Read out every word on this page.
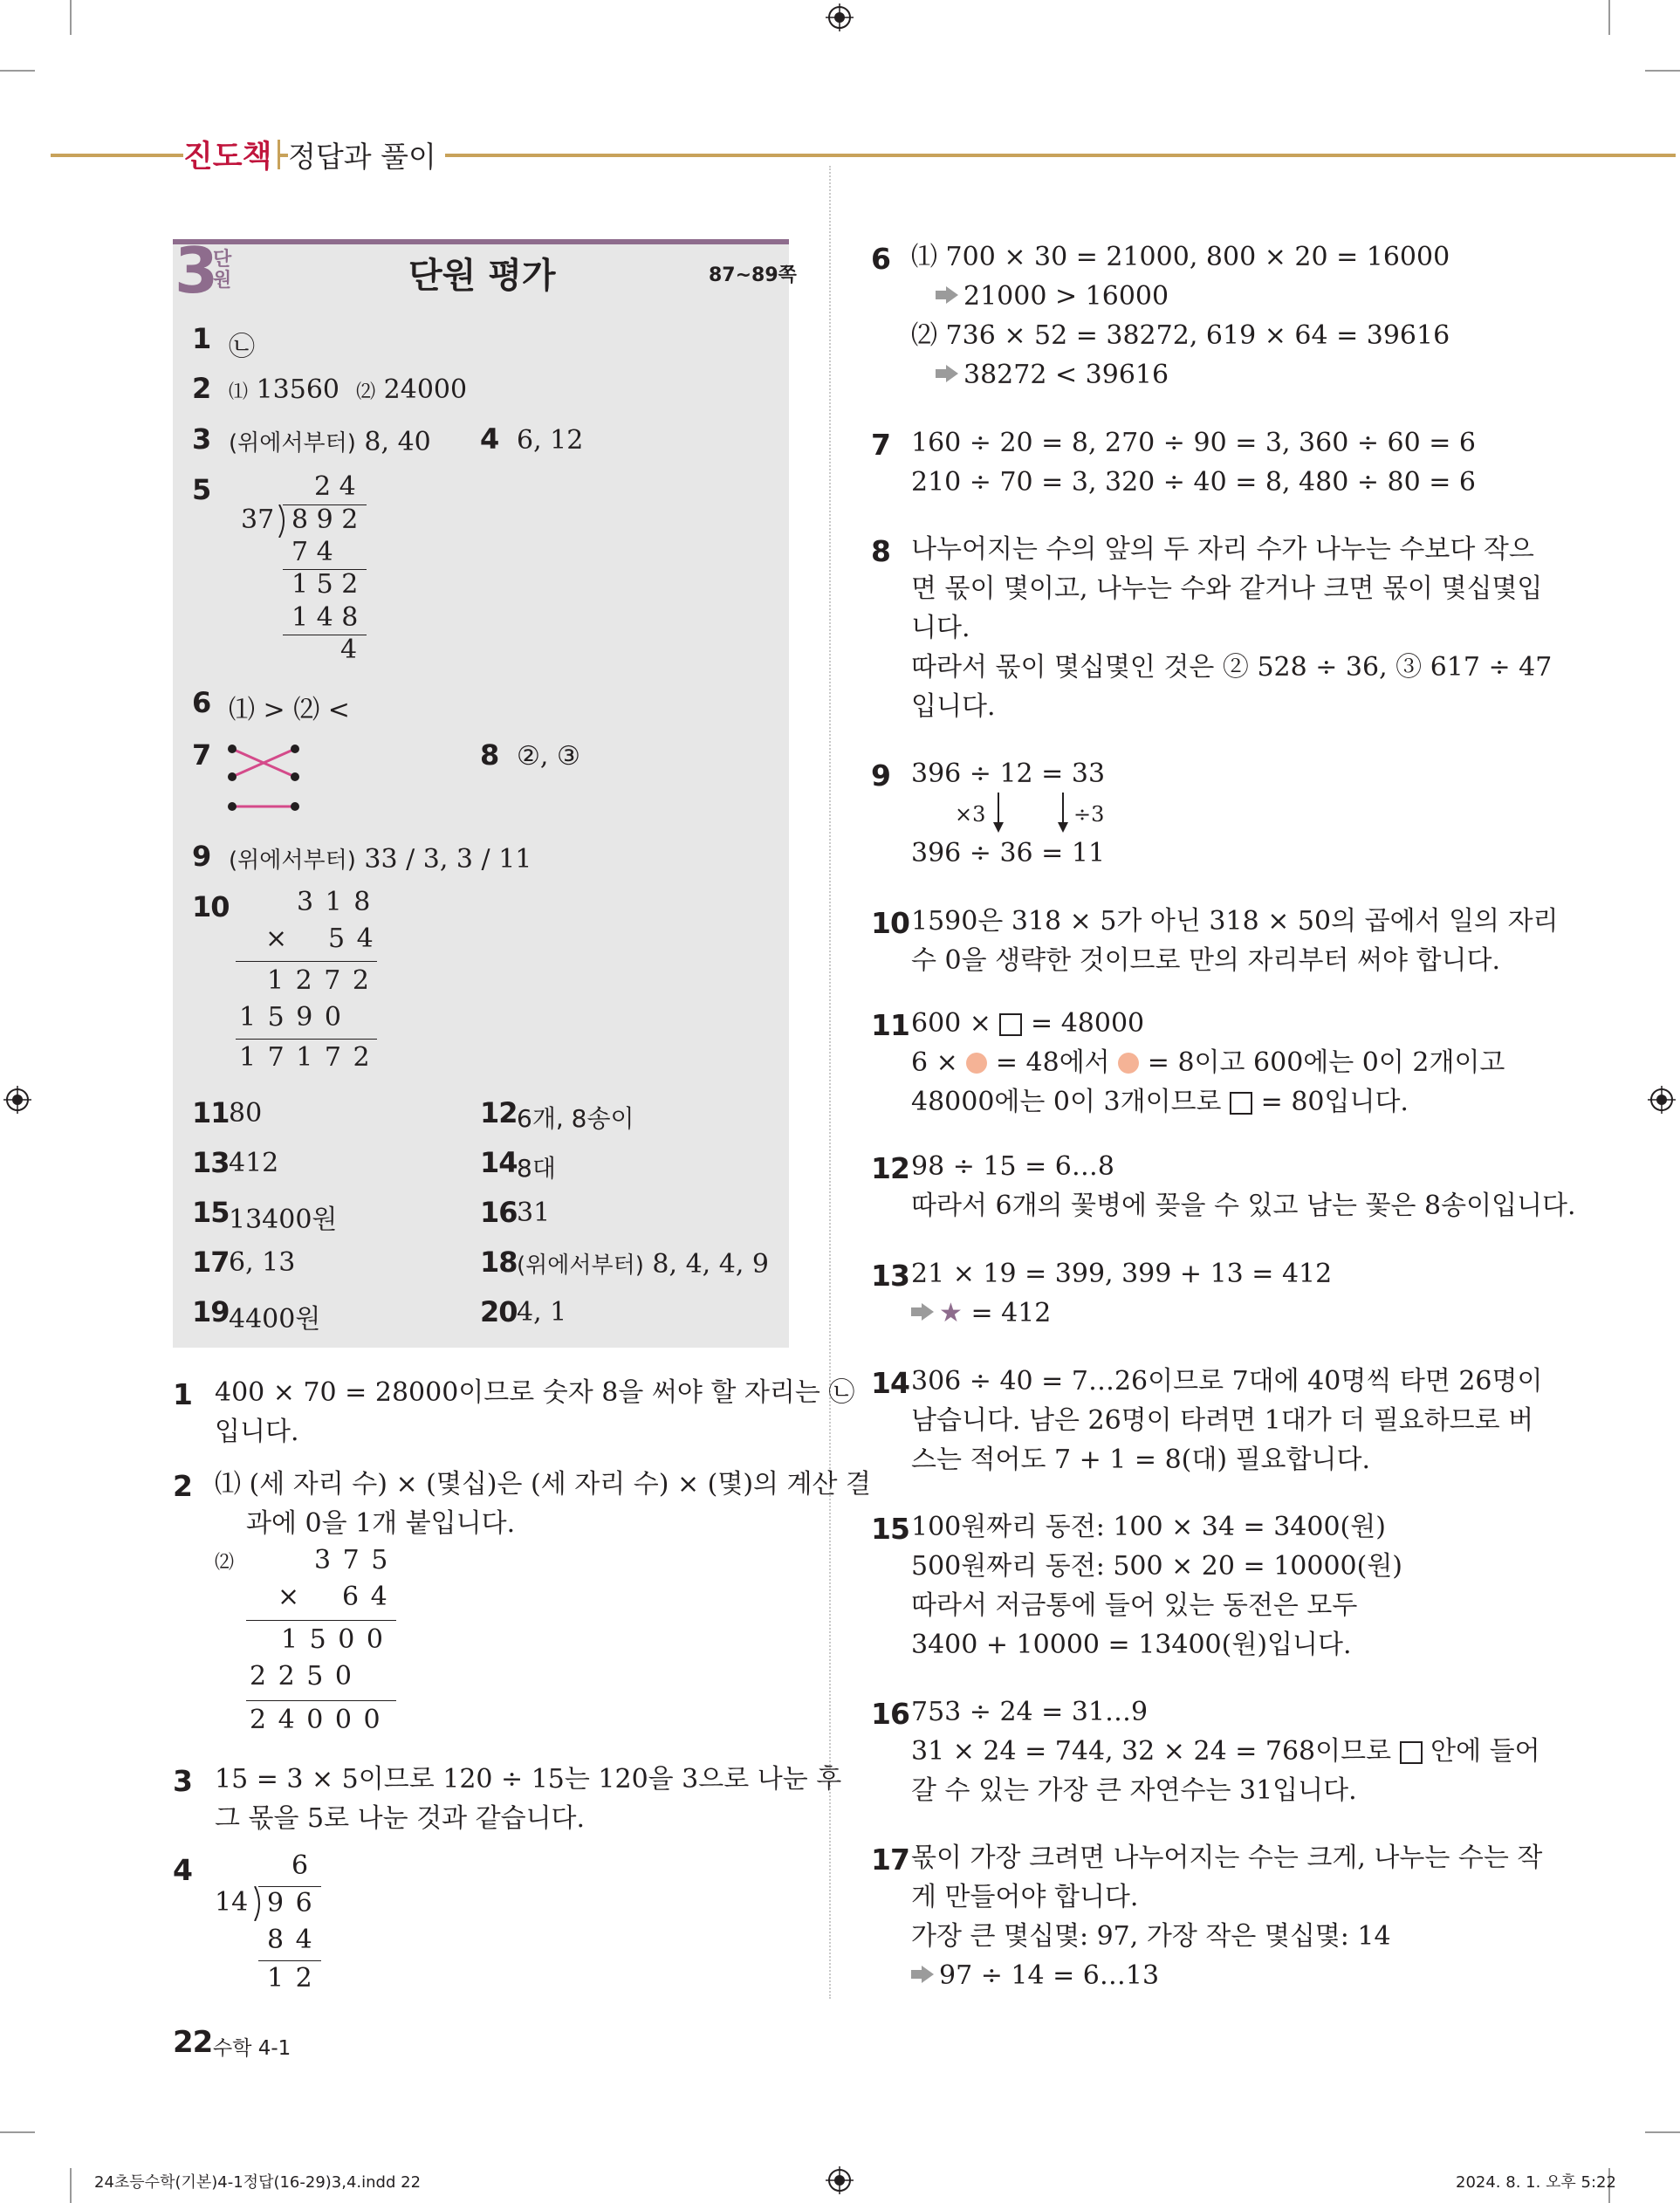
진도책 정답과 풀이
3
단원	단원 평가	87~89쪽
1 ㉡
2 ⑴ 13560 ⑵ 24000
3 (위에서부터) 8, 40 4 6, 12
5	2 4
37 8 9 2
7 4
1 5 2
1 4 8
4
6 ⑴ > ⑵ <
7	8 ②, ③
9 (위에서부터) 33 / 3, 3 / 11
10	3 1 8
× 5 4
1 2 7 2
1 5 9 0
1 7 1 7 2
11 80	12 6개, 8송이
13 412	14 8대
15 13400원	16 31
17 6, 13	18 (위에서부터) 8, 4, 4, 9
19 4400원	20 4, 1
1 400 × 70 = 28000이므로 숫자 8을 써야 할 자리는 ㉡
입니다.
2 ⑴ (세 자리 수) × (몇십)은 (세 자리 수) × (몇)의 계산 결
과에 0을 1개 붙입니다.
⑵	3 7 5
× 6 4
1 5 0 0
2 2 5 0
2 4 0 0 0
3 15 = 3 × 5이므로 120 ÷ 15는 120을 3으로 나눈 후
그 몫을 5로 나눈 것과 같습니다.
4	6
14 9 6
8 4
1 2
6 ⑴ 700 × 30 = 21000, 800 × 20 = 16000
21000 > 16000
⑵ 736 × 52 = 38272, 619 × 64 = 39616
38272 < 39616
7 160 ÷ 20 = 8, 270 ÷ 90 = 3, 360 ÷ 60 = 6
210 ÷ 70 = 3, 320 ÷ 40 = 8, 480 ÷ 80 = 6
8 나누어지는 수의 앞의 두 자리 수가 나누는 수보다 작으
면 몫이 몇이고, 나누는 수와 같거나 크면 몫이 몇십몇입
니다.
따라서 몫이 몇십몇인 것은 ② 528 ÷ 36, ③ 617 ÷ 47
입니다.
9 396 ÷ 12 = 33
×3	÷3
396 ÷ 36 = 11
10 1590은 318 × 5가 아닌 318 × 50의 곱에서 일의 자리
수 0을 생략한 것이므로 만의 자리부터 써야 합니다.
11 600 × = 48000
6 × = 48에서 = 8이고 600에는 0이 2개이고
48000에는 0이 3개이므로 = 80입니다.
12 98 ÷ 15 = 6…8
따라서 6개의 꽃병에 꽂을 수 있고 남는 꽃은 8송이입니다.
13 21 × 19 = 399, 399 + 13 = 412
★ = 412
14 306 ÷ 40 = 7…26이므로 7대에 40명씩 타면 26명이
남습니다. 남은 26명이 타려면 1대가 더 필요하므로 버
스는 적어도 7 + 1 = 8(대) 필요합니다.
15 100원짜리 동전: 100 × 34 = 3400(원)
500원짜리 동전: 500 × 20 = 10000(원)
따라서 저금통에 들어 있는 동전은 모두
3400 + 10000 = 13400(원)입니다.
16 753 ÷ 24 = 31…9
31 × 24 = 744, 32 × 24 = 768이므로 안에 들어
갈 수 있는 가장 큰 자연수는 31입니다.
17 몫이 가장 크려면 나누어지는 수는 크게, 나누는 수는 작
게 만들어야 합니다.
가장 큰 몇십몇: 97, 가장 작은 몇십몇: 14
97 ÷ 14 = 6…13
22 수학 4-1
24초등수학(기본)4-1정답(16-29)3,4.indd 22	2024. 8. 1. 오후 5:22
